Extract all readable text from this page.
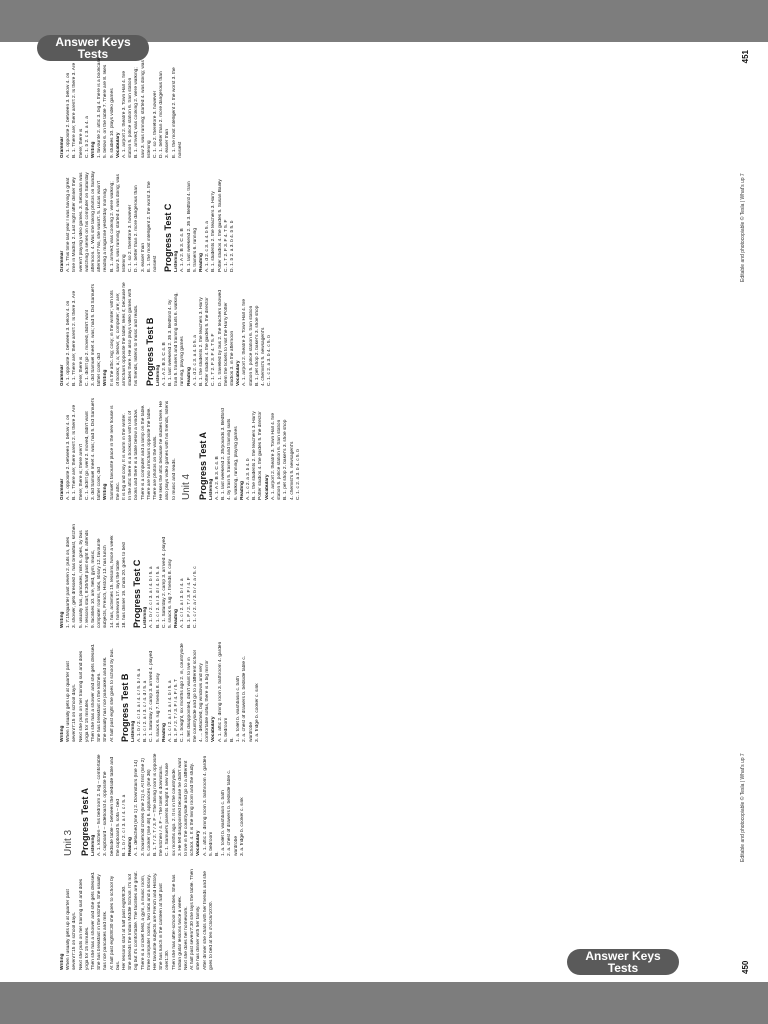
Answer Keys
Tests
Answer Keys
Tests
Writing When I usually gets up at quarter past seven/7:15 on school days. Next she puts on her training suit and does yoga for 15 minutes. Then she has a shower and she gets dressed. She has breakfast in the kitchen. She usually has rice pancakes and milk. At half past eight/8:30 she goes to school by bus. Her lessons start at half past eight/8:30. She attends the Indian Middle School. It's not big but it's comfortable. The facilities are great. There is a cricket field, a gym, a music room, three computer rooms, two labs and a library. Her favourite subjects are French and History. She has lunch in the canteen at half past one/1:30. Then she has after-school activities. She has Indian guitar lessons twice a week. Next she does her homework. At half past seven/7:30 she lays the table. Then she has dinner with her family. After dinner she chats with her friends and she goes to bed at ten o'clock/10:00.
Unit 3 Progress Test A Listening A. 1. kitchen – his bedroom 2. big – comfortable 3. cupboard – sideboard 4. opposite the bedside table – between the bedside table and the cupboard 5. sofa – bed B. 1. b / 2. c / 3. a / 4. c / 5. a Reading A. 1. detached (line 1) 2. Downstairs (line 14) 3. household chores (line 21) 4. At first (line 2) 5. cooker (line 46) 6. appliances (line 36) B. 1. T / 2. T / 3. F – The dining room is opposite the kitchen / 4. F – The toilet is downstairs. C. 1. Samuel's parents bought a new house six months ago. 2. It is in the countryside. 3. He felt disappointed because he didn't want to live in the countryside and go to a different school. 4. It is the living room and the study. Vocabulary A. 1. attic 2. dining room 3. bathroom 4. garden 5. bedroom B. 1. a. toilet b. washbasin c. bath 2. a. chest of drawers b. bedside table c. wardrobe 3. a. fridge b. cooker c. sink
Writing When I usually gets up at quarter past seven/7:15 on school days. Next she puts on her training suit and does yoga for 15 minutes. Then she has a shower and she gets dressed. She has breakfast in the kitchen. She usually has rice pancakes and milk. At half past eight she goes to school by bus. Progress Test B Listening A. 1. b / 2. c / 3. a / 4. c / 5. b / 6. a B. 1. c / 2. a / 3. c / 4. d / 5. a C. 1. Saturday 2. camp 3. arrived 4. played 5. snack 6. rug 7. friends 8. cosy Reading A. 1. c / 2. a / 3. a / 4. b / 5. a B. 1. F / 2. T / 3. F / 4. F / 5. T C. 1. bought, six months ago 2. in, countryside 3. felt disappointed, didn't want to live in the countryside and go to a different school 4. ... detached, big windows and very comfortable sofas, there is a big mirror Vocabulary A. 1. attic 2. dining room 3. bathroom 4. garden 5. bedroom B. 1. a. toilet b. washbasin c. bath 2. a. chest of drawers b. bedside table c. wardrobe 3. a. fridge b. cooker c. sink
Writing 1. 7:15/quarter past seven 2. puts on, does 3. shower, gets dressed 4. has breakfast, kitchen 5. usually has, pancakes, milk 6. goes, by bus 7. lessons start, 8:30/half past eight 8. attends 9. facilities 10. are, field, gym, music, computer rooms, labs, library 12. favourite subjects, French, History 13. has lunch 14. has, activities 15. lessons, twice a week 16. homework 17. lays the table 18. has dinner 19. chats 20. goes to bed Progress Test C Listening A. 1. b / 2. c / 3. a / 4. b / 5. a B. 1. c / 2. a / 3. d / 4. b / 5. a C. 1. Saturday 2. camp 3. arrived 4. played 5. snack 6. rug 7. friends 8. cosy Reading A. 1. c / 2. a / 3. b / 4. a B. 1. F / 2. T / 3. F / 4. F C. 1. c / 2. a / 3. b / 4. a / 5. c
450
Editable and photocopiable © Tesla | What's up 7
Grammar A. 1. opposite 2. between 3. below 4. on B. 1. There are; there aren't 2. Is there 3. Are there; there is; there aren't C. 1. didn't go, went 2. moved, didn't want 3. did Samuel meet 4. was; had 5. Did Samuel's father cook; did Writing Samuel's favourite place in the new house is the attic. It is big and cosy. It is warm in the winter. In the attic there is a bookcase with lots of books and there is a table below a window. There is a computer and a lamp on the table. There are two armchairs opposite the table. There are photos on the walls. He likes the attic because he studies there. He also plays video games with his friends, listens to music and reads. Unit 4 Progress Test A Listening A. 1. A 2. B 3. C 4. B B. 1. last weekend 2. 35/pounds 3. Bedford 4. by train 5. trainers and training suits 6. walking, running, playing games Reading A. 1. c 2. a 3. b 4. b B. 1. the students 2. the teachers 3. Harry Potter studios 4. the guides 5. the director Vocabulary A. 1. airport 2. theatre 3. Town Hall 4. fire station 5. police station 6. train station B. 1. pet shop 2. baker's 3. shoe shop 4. chemist's 5. newsagent's C. 1. c 2. a 3. b 4. c 5. b
Grammar A. 1. opposite 2. between 3. below 4. on B. 1. There are; there aren't 2. Is there 3. Are there; there is C. 1. didn't go 2. moved, didn't want 3. did Samuel meet 4. was; had 5. Did Samuel's father cook; did Writing It is the attic. big; cosy; in the winter; with lots of books; a; a; below; is; computer; are; are; armchairs opposite the table; likes it; because he studies there. He also plays video games with his friends, listens to music and reads. Progress Test B Listening A. 1. A 2. B 3. C 4. B B. 1. last weekend 2. 35 3. Bedford 4. by train 5. trainers and training suits 6. walking, running, playing games Reading A. 1. d 2. c 3. a 4. b 5. a B. 1. the students 2. the teachers 3. Harry Potter studios 4. the guides 5. the director C. 1. T 2. F 3. F 4. T 5. F D. 1. travelled by bus 2. the teachers showed them the tickets to visit the Harry Potter studios 3. in the afternoon Vocabulary A. 1. airport 2. theatre 3. Town Hall 4. fire station 5. police station 6. train station B. 1. pet shop 2. baker's 3. shoe shop 4. chemist's 5. newsagent's C. 1. c 2. a 3. b 4. c 5. b
Grammar A. 1. This time last year I was having a great time in Madrid. 2. Last night after dinner they weren't playing video games. 3. Sebastian was watching a series on his computer on Saturday afternoon. 4. Was she taking photos on Sunday afternoon? No, she wasn't. 5. Lucas wasn't reading a magazine yesterday morning. B. 1. arrived; was cooking 2. were walking; saw 3. was running; started 4. was doing; was listening C. 1. so 2. therefore 3. however D. 1. better than 2. more dangerous than 3. easier than E. 1. the most intelligent 2. the worst 3. the noisiest Progress Test C Listening A. 1. A 2. B 3. C 4. B B. 1. last weekend 2. 35 3. Bedford 4. train 5. trainers 6. running Reading A. 1. d 2. c 3. a 4. b 5. a B. 1. students 2. the teachers 3. Harry Potter studios 4. the guides 5. Susan Bailey C. 1. T 2. F 3. F 4. T 5. F D. 1. b 2. a 3. b 4. b 5. b
Grammar A. 1. opposite 2. between 3. below 4. on B. 1. There are; there aren't 2. Is there 3. Are there; there is C. 1. b 2. c 3. a 4. a Writing 1. favourite 2. attic 3. big 4. there is a bookcase 5. below 6. on the table 7. There are 8. likes 9. studies 10. plays video games Vocabulary A. 1. airport 2. theatre 3. Town Hall 4. fire station 5. police station 6. train station B. 1. arrived; was cooking 2. were walking; saw 3. was running; started 4. was doing; was listening C. 1. so 2. therefore 3. however D. 1. better than 2. more dangerous than 3. easier than E. 1. the most intelligent 2. the worst 3. the noisiest
451
Editable and photocopiable © Tesla | What's up 7
